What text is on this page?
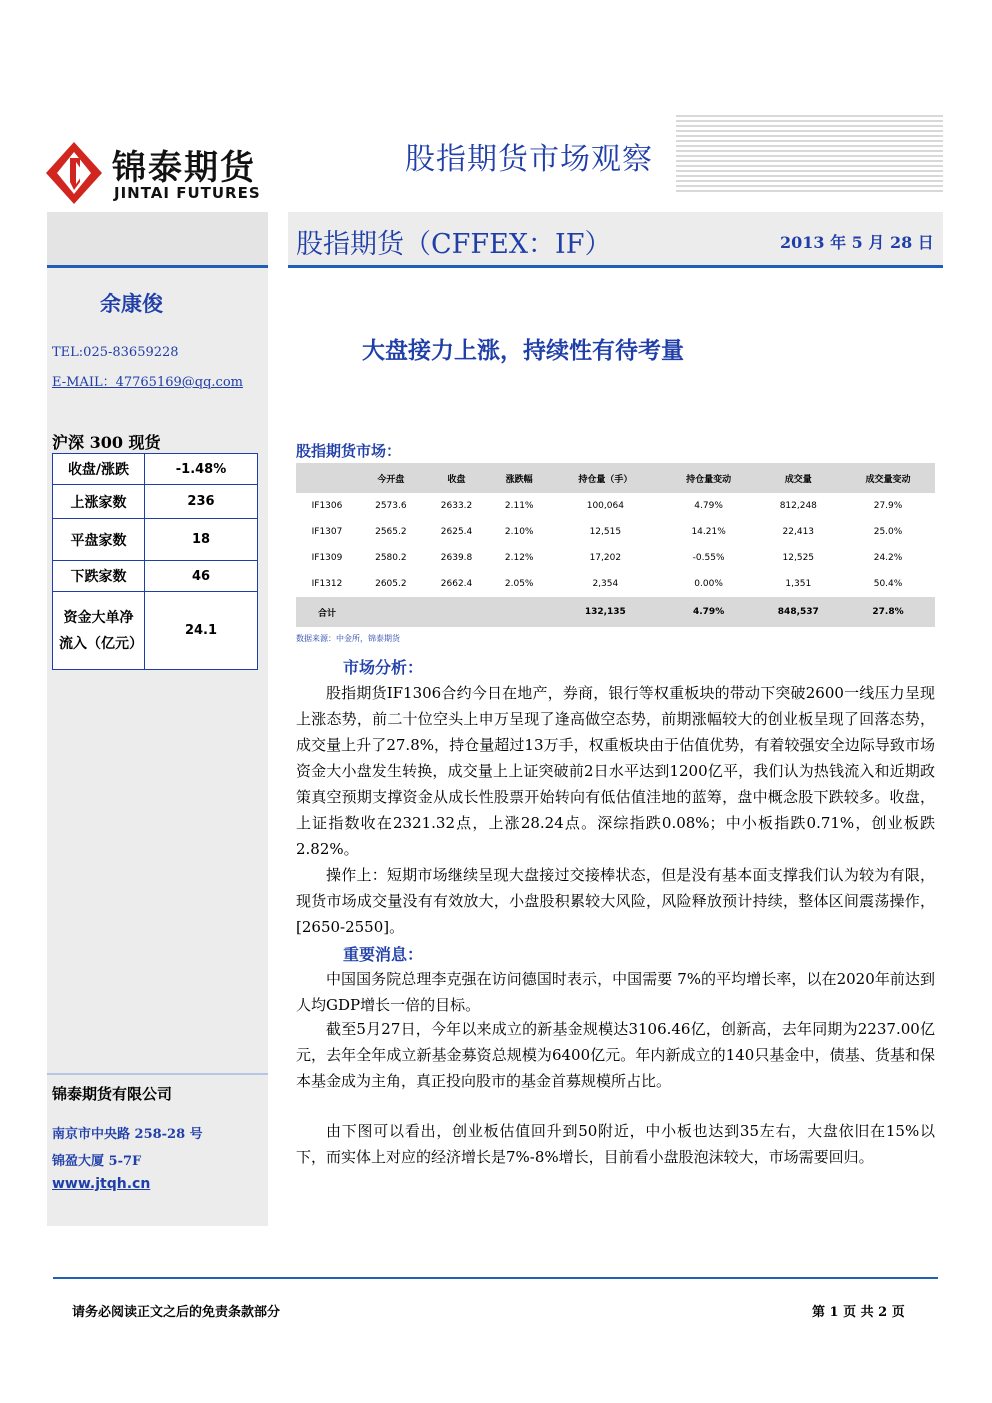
锦泰期货
JINTAI FUTURES
股指期货市场观察
股指期货（CFFEX：IF）	2013 年 5 月 28 日
余康俊
TEL:025-83659228
E-MAIL：47765169@qq.com
沪深 300 现货
收盘/涨跌	-1.48%
上涨家数	236
平盘家数	18
下跌家数	46
资金大单净流入（亿元）	24.1
锦泰期货有限公司
南京市中央路 258-28 号
锦盈大厦 5-7F
www.jtqh.cn
大盘接力上涨，持续性有待考量
股指期货市场：
	今开盘	收盘	涨跌幅	持仓量（手）	持仓量变动	成交量	成交量变动
IF1306	2573.6	2633.2	2.11%	100,064	4.79%	812,248	27.9%
IF1307	2565.2	2625.4	2.10%	12,515	14.21%	22,413	25.0%
IF1309	2580.2	2639.8	2.12%	17,202	-0.55%	12,525	24.2%
IF1312	2605.2	2662.4	2.05%	2,354	0.00%	1,351	50.4%
合计				132,135	4.79%	848,537	27.8%
数据来源：中金所，锦泰期货
市场分析：

股指期货IF1306合约今日在地产，券商，银行等权重板块的带动下突破2600一线压力呈现上涨态势，前二十位空头上申万呈现了逢高做空态势，前期涨幅较大的创业板呈现了回落态势，成交量上升了27.8%，持仓量超过13万手，权重板块由于估值优势，有着较强安全边际导致市场资金大小盘发生转换，成交量上上证突破前2日水平达到1200亿平，我们认为热钱流入和近期政策真空预期支撑资金从成长性股票开始转向有低估值洼地的蓝筹，盘中概念股下跌较多。收盘，上证指数收在2321.32点，上涨28.24点。深综指跌0.08%；中小板指跌0.71%，创业板跌2.82%。

操作上：短期市场继续呈现大盘接过交接棒状态，但是没有基本面支撑我们认为较为有限，现货市场成交量没有有效放大，小盘股积累较大风险，风险释放预计持续，整体区间震荡操作，[2650-2550]。

重要消息：

中国国务院总理李克强在访问德国时表示，中国需要 7%的平均增长率，以在2020年前达到人均GDP增长一倍的目标。

截至5月27日，今年以来成立的新基金规模达3106.46亿，创新高，去年同期为2237.00亿元，去年全年成立新基金募资总规模为6400亿元。年内新成立的140只基金中，债基、货基和保本基金成为主角，真正投向股市的基金首募规模所占比。

由下图可以看出，创业板估值回升到50附近，中小板也达到35左右，大盘依旧在15%以下，而实体上对应的经济增长是7%-8%增长，目前看小盘股泡沫较大，市场需要回归。

请务必阅读正文之后的免责条款部分	第 1 页 共 2 页
